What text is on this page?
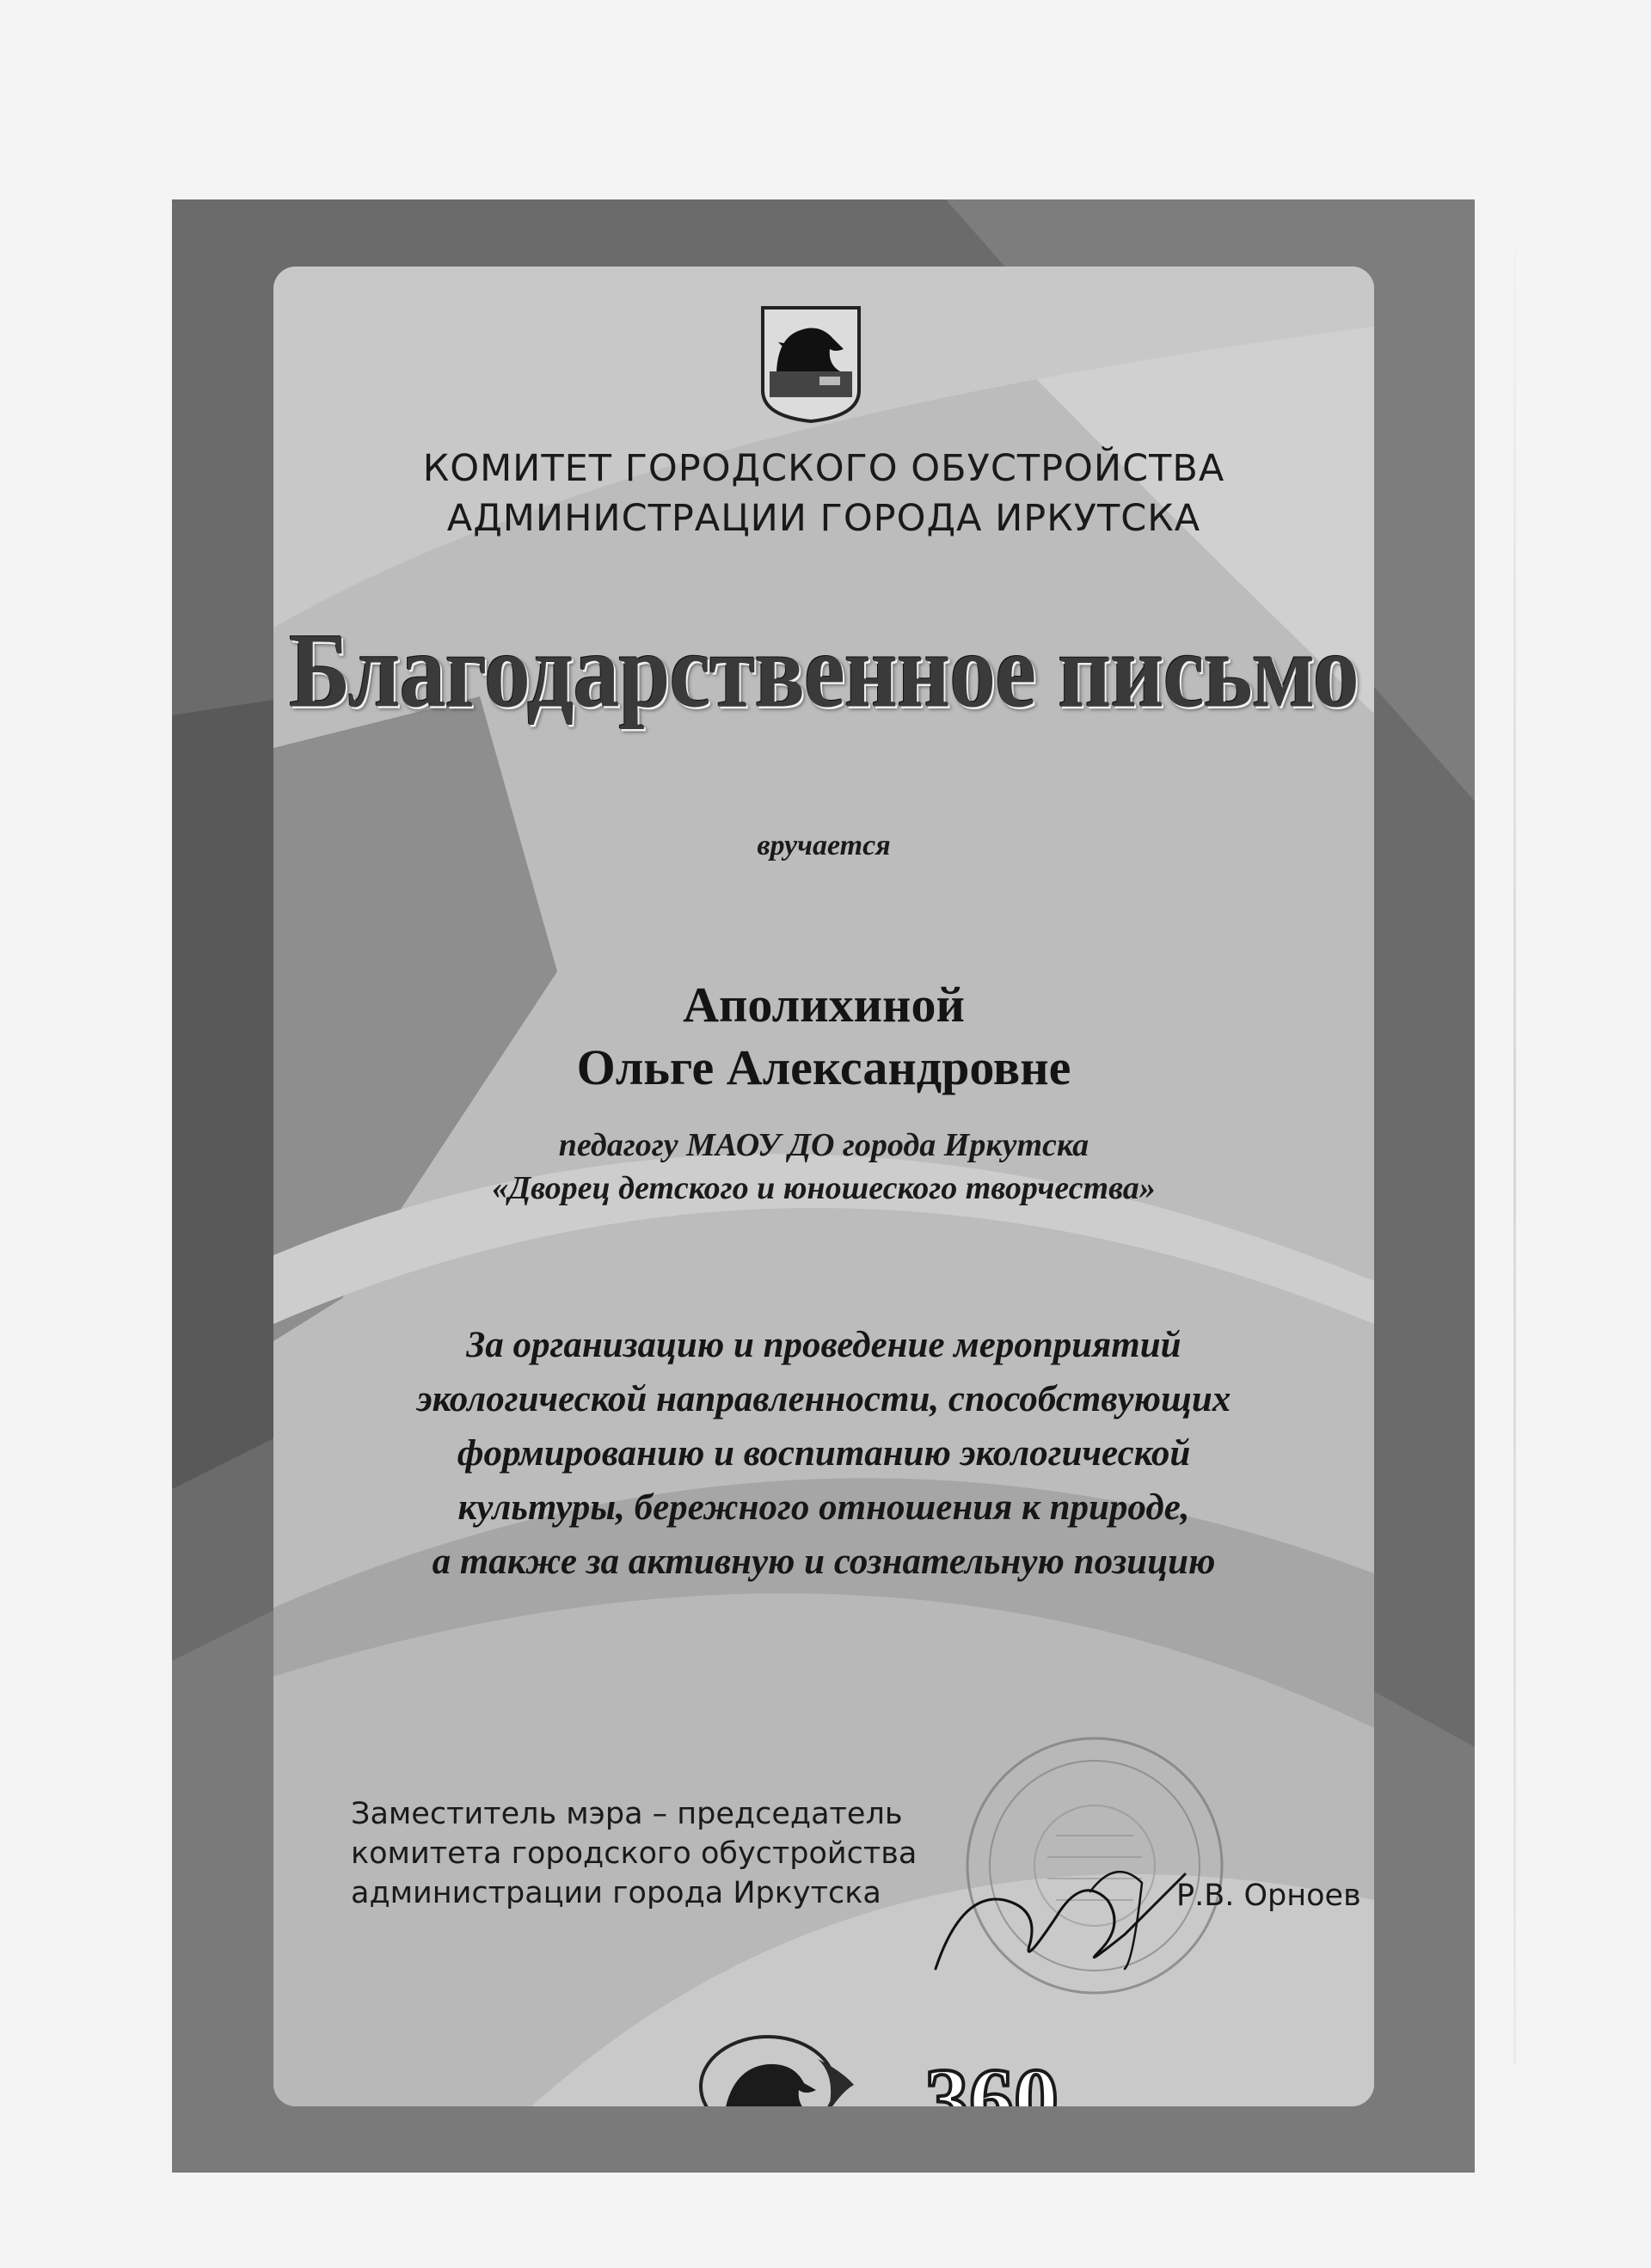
КОМИТЕТ ГОРОДСКОГО ОБУСТРОЙСТВА
АДМИНИСТРАЦИИ ГОРОДА ИРКУТСКА
Благодарственное письмо
вручается
Аполихиной
Ольге Александровне
педагогу МАОУ ДО города Иркутска
«Дворец детского и юношеского творчества»
За организацию и проведение мероприятий
экологической направленности, способствующих
формированию и воспитанию экологической
культуры, бережного отношения к природе,
а также за активную и сознательную позицию
Заместитель мэра – председатель
комитета городского обустройства
администрации города Иркутска	Р.В. Орноев
360
